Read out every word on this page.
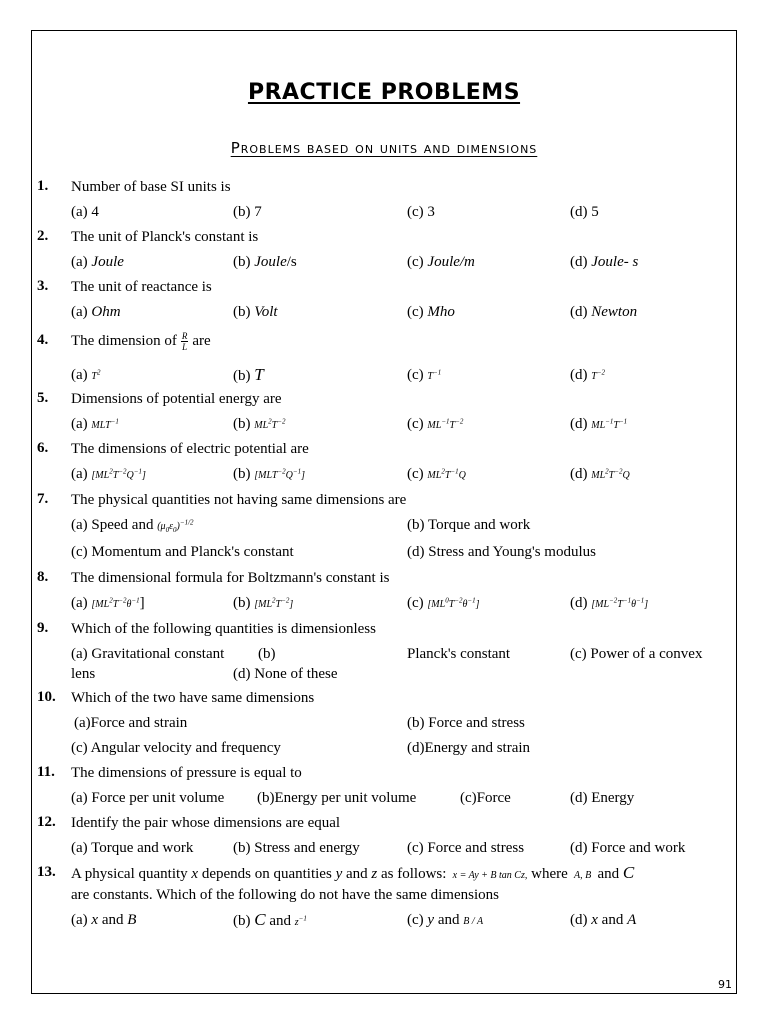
PRACTICE PROBLEMS
Problems based on units and dimensions
1. Number of base SI units is
(a) 4	(b) 7	(c) 3	(d) 5
2. The unit of Planck's constant is
(a) Joule	(b) Joule/s	(c) Joule/m	(d) Joule- s
3. The unit of reactance is
(a) Ohm	(b) Volt	(c) Mho	(d) Newton
4. The dimension of $\frac{R}{L}$ are
(a) $T^2$	(b) T	(c) $T^{-1}$	(d) $T^{-2}$
5. Dimensions of potential energy are
(a) $MLT^{-1}$	(b) $ML^2T^{-2}$	(c) $ML^{-1}T^{-2}$	(d) $ML^{-1}T^{-1}$
6. The dimensions of electric potential are
(a) $[ML^2T^{-2}Q^{-1}]$	(b) $[MLT^{-2}Q^{-1}]$	(c) $ML^2T^{-1}Q$	(d) $ML^2T^{-2}Q$
7. The physical quantities not having same dimensions are
(a) Speed and $(\mu_0\varepsilon_0)^{-1/2}$	(b) Torque and work
(c) Momentum and Planck's constant	(d) Stress and Young's modulus
8. The dimensional formula for Boltzmann's constant is
(a) $[ML^2T^{-2}\theta^{-1}]$	(b) $[ML^2T^{-2}]$	(c) $[ML^0T^{-2}\theta^{-1}]$	(d) $[ML^{-2}T^{-1}\theta^{-1}]$
9. Which of the following quantities is dimensionless
(a) Gravitational constant (b)	Planck's constant	(c) Power of a convex
lens	(d) None of these
10. Which of the two have same dimensions
(a)Force and strain	(b) Force and stress
(c) Angular velocity and frequency	(d)Energy and strain
11. The dimensions of pressure is equal to
(a) Force per unit volume (b)Energy per unit volume	(c)Force	(d) Energy
12. Identify the pair whose dimensions are equal
(a) Torque and work	(b) Stress and energy	(c) Force and stress	(d) Force and work
13. A physical quantity x depends on quantities y and z as follows:  x = Ay + B tan Cz, where  A, B  and C
are constants. Which of the following do not have the same dimensions
(a) x and B	(b) C and $z^{-1}$	(c) y and B / A	(d) x and A
91
